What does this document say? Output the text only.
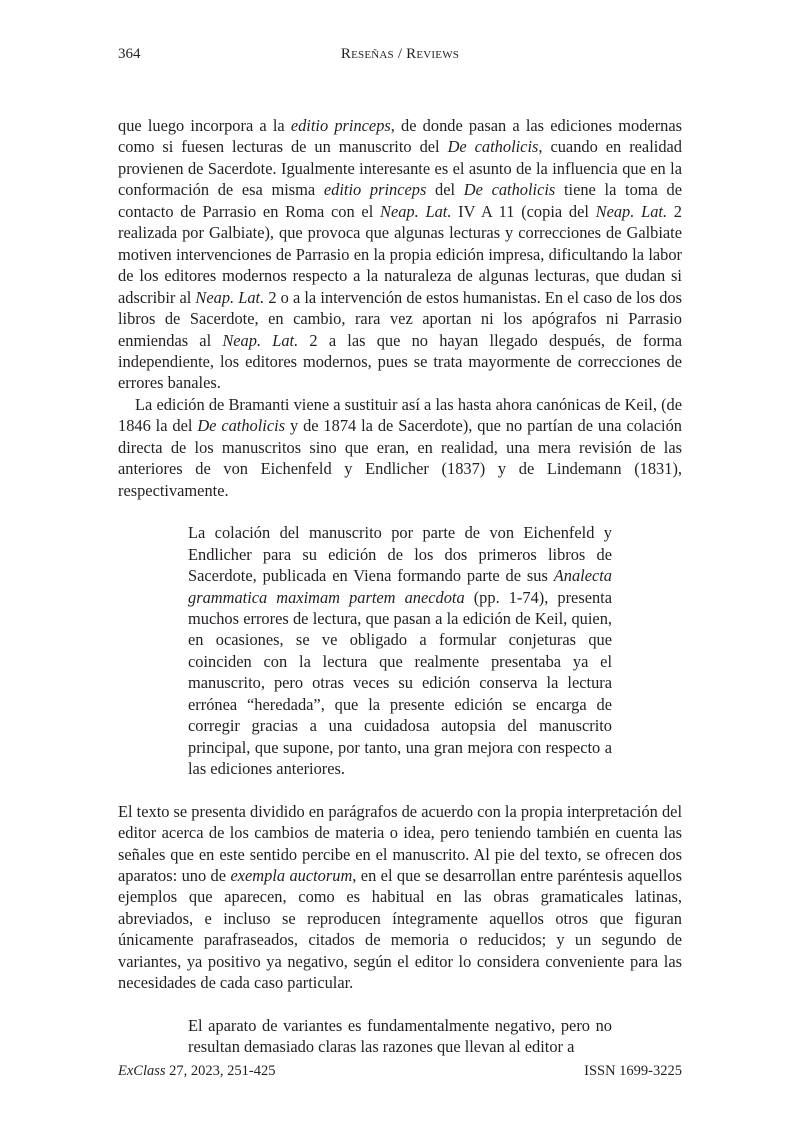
364	Reseñas / Reviews

que luego incorpora a la editio princeps, de donde pasan a las ediciones modernas como si fuesen lecturas de un manuscrito del De catholicis, cuando en realidad provienen de Sacerdote. Igualmente interesante es el asunto de la influencia que en la conformación de esa misma editio princeps del De catholicis tiene la toma de contacto de Parrasio en Roma con el Neap. Lat. IV A 11 (copia del Neap. Lat. 2 realizada por Galbiate), que provoca que algunas lecturas y correcciones de Galbiate motiven intervenciones de Parrasio en la propia edición impresa, dificultando la labor de los editores modernos respecto a la naturaleza de algunas lecturas, que dudan si adscribir al Neap. Lat. 2 o a la intervención de estos humanistas. En el caso de los dos libros de Sacerdote, en cambio, rara vez aportan ni los apógrafos ni Parrasio enmiendas al Neap. Lat. 2 a las que no hayan llegado después, de forma independiente, los editores modernos, pues se trata mayormente de correcciones de errores banales.

La edición de Bramanti viene a sustituir así a las hasta ahora canónicas de Keil, (de 1846 la del De catholicis y de 1874 la de Sacerdote), que no partían de una colación directa de los manuscritos sino que eran, en realidad, una mera revisión de las anteriores de von Eichenfeld y Endlicher (1837) y de Lindemann (1831), respectivamente.

La colación del manuscrito por parte de von Eichenfeld y Endlicher para su edición de los dos primeros libros de Sacerdote, publicada en Viena formando parte de sus Analecta grammatica maximam partem anecdota (pp. 1-74), presenta muchos errores de lectura, que pasan a la edición de Keil, quien, en ocasiones, se ve obligado a formular conjeturas que coinciden con la lectura que realmente presentaba ya el manuscrito, pero otras veces su edición conserva la lectura errónea “heredada”, que la presente edición se encarga de corregir gracias a una cuidadosa autopsia del manuscrito principal, que supone, por tanto, una gran mejora con respecto a las ediciones anteriores.

El texto se presenta dividido en parágrafos de acuerdo con la propia interpretación del editor acerca de los cambios de materia o idea, pero teniendo también en cuenta las señales que en este sentido percibe en el manuscrito. Al pie del texto, se ofrecen dos aparatos: uno de exempla auctorum, en el que se desarrollan entre paréntesis aquellos ejemplos que aparecen, como es habitual en las obras gramaticales latinas, abreviados, e incluso se reproducen íntegramente aquellos otros que figuran únicamente parafraseados, citados de memoria o reducidos; y un segundo de variantes, ya positivo ya negativo, según el editor lo considera conveniente para las necesidades de cada caso particular.

El aparato de variantes es fundamentalmente negativo, pero no resultan demasiado claras las razones que llevan al editor a
ExClass 27, 2023, 251-425	ISSN 1699-3225
